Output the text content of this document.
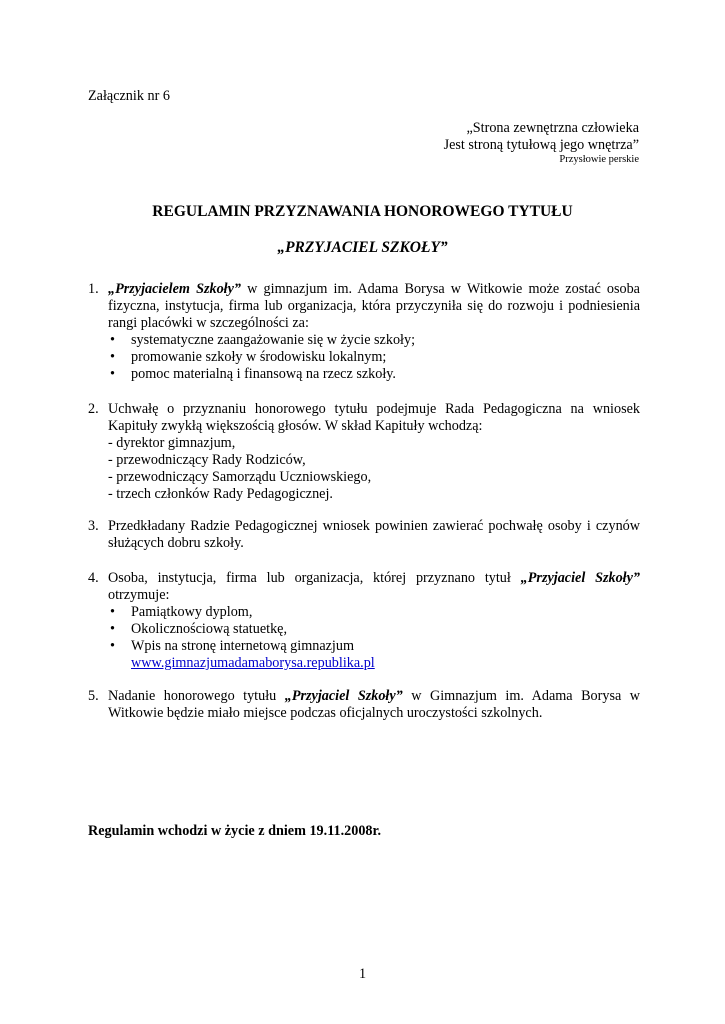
Załącznik nr 6
„Strona zewnętrzna człowieka
Jest stroną tytułową jego wnętrza”
Przysłowie perskie
REGULAMIN PRZYZNAWANIA HONOROWEGO TYTUŁU
„PRZYJACIEL SZKOŁY”
1. „Przyjacielem Szkoły” w gimnazjum im. Adama Borysa w Witkowie może zostać osoba fizyczna, instytucja, firma lub organizacja, która przyczyniła się do rozwoju i podniesienia rangi placówki w szczególności za:
• systematyczne zaangażowanie się w życie szkoły;
• promowanie szkoły w środowisku lokalnym;
• pomoc materialną i finansową na rzecz szkoły.
2. Uchwałę o przyznaniu honorowego tytułu podejmuje Rada Pedagogiczna na wniosek Kapituły zwykłą większością głosów. W skład Kapituły wchodzą:
- dyrektor gimnazjum,
- przewodniczący Rady Rodziców,
- przewodniczący Samorządu Uczniowskiego,
- trzech członków Rady Pedagogicznej.
3. Przedkładany Radzie Pedagogicznej wniosek powinien zawierać pochwałę osoby i czynów służących dobru szkoły.
4. Osoba, instytucja, firma lub organizacja, której przyznano tytuł „Przyjaciel Szkoły” otrzymuje:
• Pamiątkowy dyplom,
• Okolicznościową statuetkę,
• Wpis na stronę internetową gimnazjum
www.gimnazjumadamaborysa.republika.pl
5. Nadanie honorowego tytułu „Przyjaciel Szkoły” w Gimnazjum im. Adama Borysa w Witkowie będzie miało miejsce podczas oficjalnych uroczystości szkolnych.
Regulamin wchodzi w życie z dniem 19.11.2008r.
1
